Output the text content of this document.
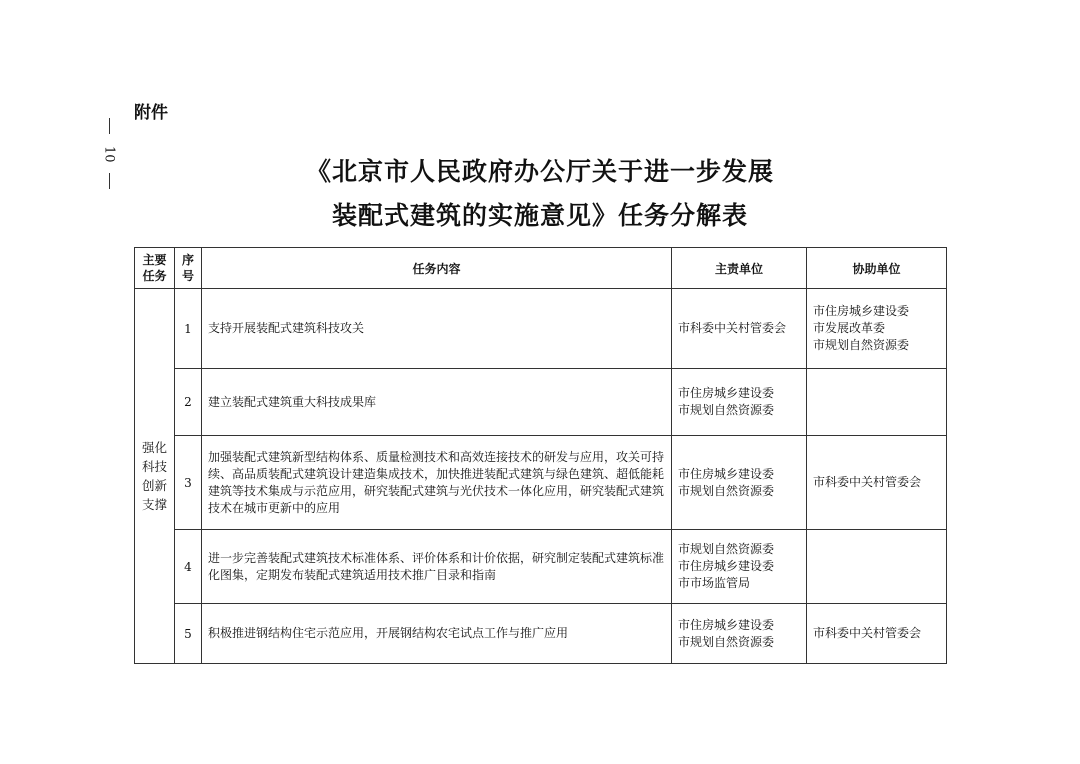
附件
10
《北京市人民政府办公厅关于进一步发展
装配式建筑的实施意见》任务分解表
主要
任务	序
号	任务内容	主责单位	协助单位
强化
科技
创新
支撑	1	支持开展装配式建筑科技攻关	市科委中关村管委会	市住房城乡建设委
市发展改革委
市规划自然资源委

	2	建立装配式建筑重大科技成果库	市住房城乡建设委
市规划自然资源委	

	3	加强装配式建筑新型结构体系、质量检测技术和高效连接技术的研发与应用，攻关可持续、高品质装配式建筑设计建造集成技术，加快推进装配式建筑与绿色建筑、超低能耗建筑等技术集成与示范应用，研究装配式建筑与光伏技术一体化应用，研究装配式建筑技术在城市更新中的应用	市住房城乡建设委
市规划自然资源委	市科委中关村管委会

	4	进一步完善装配式建筑技术标准体系、评价体系和计价依据，研究制定装配式建筑标准化图集，定期发布装配式建筑适用技术推广目录和指南	市规划自然资源委
市住房城乡建设委
市市场监管局	

	5	积极推进钢结构住宅示范应用，开展钢结构农宅试点工作与推广应用	市住房城乡建设委
市规划自然资源委	市科委中关村管委会
